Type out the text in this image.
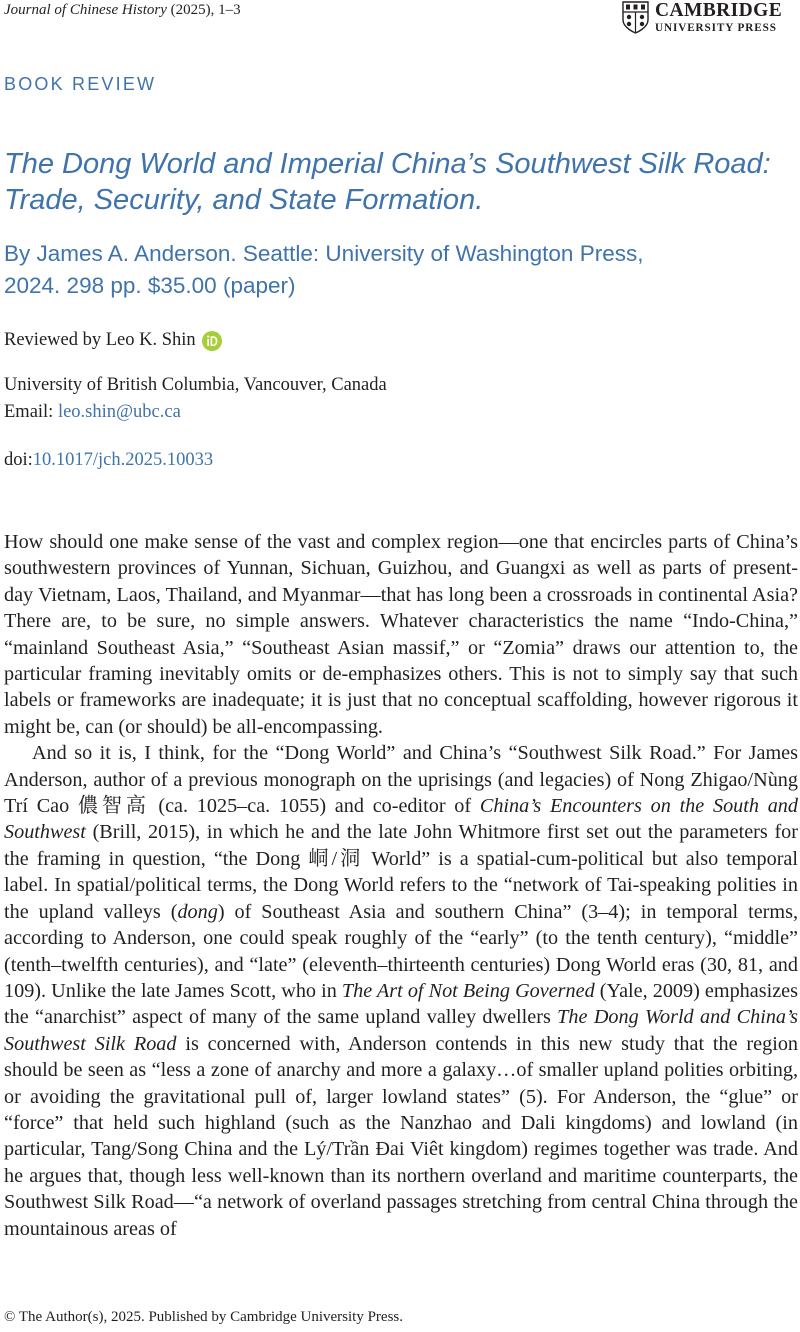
Journal of Chinese History (2025), 1–3	CAMBRIDGE
UNIVERSITY PRESS
BOOK REVIEW
The Dong World and Imperial China’s Southwest Silk Road:
Trade, Security, and State Formation.
By James A. Anderson. Seattle: University of Washington Press,
2024. 298 pp. $35.00 (paper)
Reviewed by Leo K. Shin
University of British Columbia, Vancouver, Canada
Email: leo.shin@ubc.ca
doi:10.1017/jch.2025.10033

How should one make sense of the vast and complex region—one that encircles parts of China’s southwestern provinces of Yunnan, Sichuan, Guizhou, and Guangxi as well as parts of present-day Vietnam, Laos, Thailand, and Myanmar—that has long been a crossroads in continental Asia? There are, to be sure, no simple answers. Whatever characteristics the name “Indo-China,” “mainland Southeast Asia,” “Southeast Asian massif,” or “Zomia” draws our attention to, the particular framing inevitably omits or de-emphasizes others. This is not to simply say that such labels or frameworks are inadequate; it is just that no conceptual scaffolding, however rigorous it might be, can (or should) be all-encompassing.

And so it is, I think, for the “Dong World” and China’s “Southwest Silk Road.” For James Anderson, author of a previous monograph on the uprisings (and legacies) of Nong Zhigao/Nùng Trí Cao 儂智高 (ca. 1025–ca. 1055) and co-editor of China’s Encounters on the South and Southwest (Brill, 2015), in which he and the late John Whitmore first set out the parameters for the framing in question, “the Dong 峒/洞 World” is a spatial-cum-political but also temporal label. In spatial/political terms, the Dong World refers to the “network of Tai-speaking polities in the upland valleys (dong) of Southeast Asia and southern China” (3–4); in temporal terms, according to Anderson, one could speak roughly of the “early” (to the tenth century), “middle” (tenth–twelfth centuries), and “late” (eleventh–thirteenth centuries) Dong World eras (30, 81, and 109). Unlike the late James Scott, who in The Art of Not Being Governed (Yale, 2009) emphasizes the “anarchist” aspect of many of the same upland valley dwellers The Dong World and China’s Southwest Silk Road is concerned with, Anderson contends in this new study that the region should be seen as “less a zone of anarchy and more a galaxy…of smaller upland polities orbiting, or avoiding the gravitational pull of, larger lowland states” (5). For Anderson, the “glue” or “force” that held such highland (such as the Nanzhao and Dali kingdoms) and lowland (in particular, Tang/Song China and the Lý/Trần Đai Viêt kingdom) regimes together was trade. And he argues that, though less well-known than its northern overland and maritime counterparts, the Southwest Silk Road—“a network of overland passages stretching from central China through the mountainous areas of

© The Author(s), 2025. Published by Cambridge University Press.
